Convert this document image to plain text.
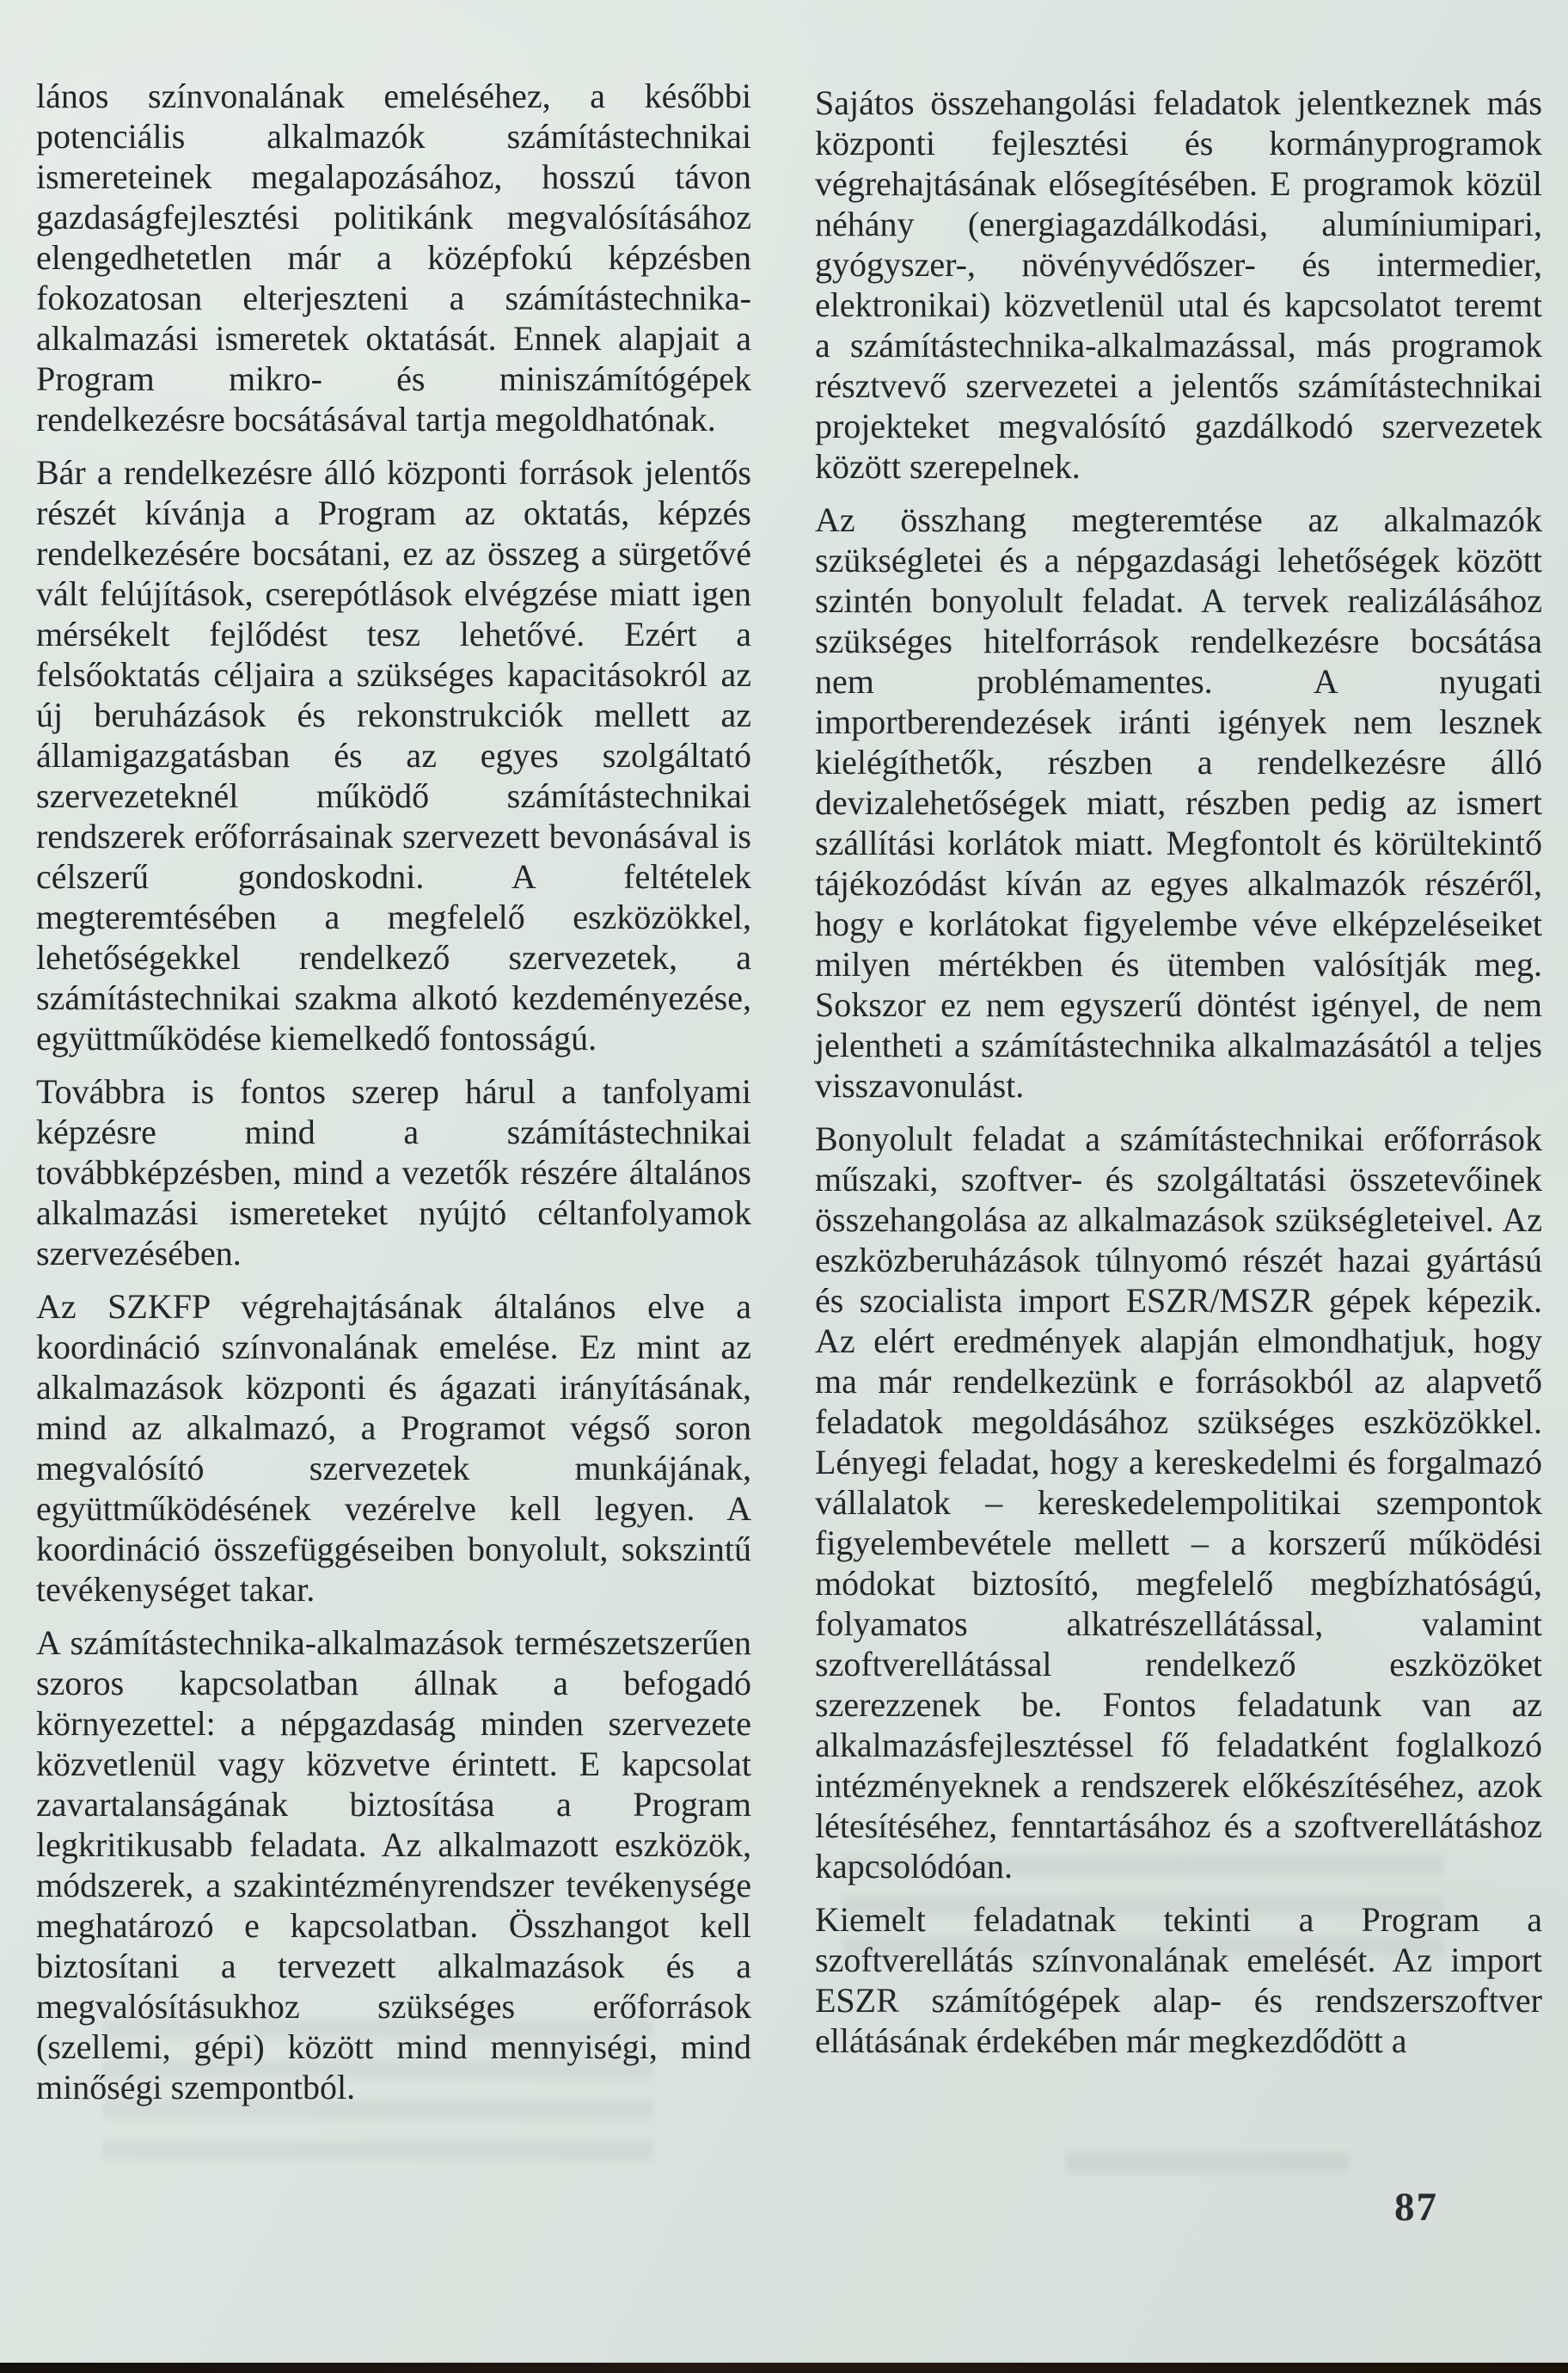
lános színvonalának emeléséhez, a későbbi potenciális alkalmazók számítástechnikai ismereteinek megalapozásához, hosszú távon gazdaságfejlesztési politikánk megvalósításához elengedhetetlen már a középfokú képzésben fokozatosan elterjeszteni a számítástechnika-alkalmazási ismeretek oktatását. Ennek alapjait a Program mikro- és miniszámítógépek rendelkezésre bocsátásával tartja megoldhatónak.

Bár a rendelkezésre álló központi források jelentős részét kívánja a Program az oktatás, képzés rendelkezésére bocsátani, ez az összeg a sürgetővé vált felújítások, cserepótlások elvégzése miatt igen mérsékelt fejlődést tesz lehetővé. Ezért a felsőoktatás céljaira a szükséges kapacitásokról az új beruházások és rekonstrukciók mellett az államigazgatásban és az egyes szolgáltató szervezeteknél működő számítástechnikai rendszerek erőforrásainak szervezett bevonásával is célszerű gondoskodni. A feltételek megteremtésében a megfelelő eszközökkel, lehetőségekkel rendelkező szervezetek, a számítástechnikai szakma alkotó kezdeményezése, együttműködése kiemelkedő fontosságú.

Továbbra is fontos szerep hárul a tanfolyami képzésre mind a számítástechnikai továbbképzésben, mind a vezetők részére általános alkalmazási ismereteket nyújtó céltanfolyamok szervezésében.

Az SZKFP végrehajtásának általános elve a koordináció színvonalának emelése. Ez mint az alkalmazások központi és ágazati irányításának, mind az alkalmazó, a Programot végső soron megvalósító szervezetek munkájának, együttműködésének vezérelve kell legyen. A koordináció összefüggéseiben bonyolult, sokszintű tevékenységet takar.

A számítástechnika-alkalmazások természetszerűen szoros kapcsolatban állnak a befogadó környezettel: a népgazdaság minden szervezete közvetlenül vagy közvetve érintett. E kapcsolat zavartalanságának biztosítása a Program legkritikusabb feladata. Az alkalmazott eszközök, módszerek, a szakintézményrendszer tevékenysége meghatározó e kapcsolatban. Összhangot kell biztosítani a tervezett alkalmazások és a megvalósításukhoz szükséges erőforrások (szellemi, gépi) között mind mennyiségi, mind minőségi szempontból.

Sajátos összehangolási feladatok jelentkeznek más központi fejlesztési és kormányprogramok végrehajtásának elősegítésében. E programok közül néhány (energiagazdálkodási, alumíniumipari, gyógyszer-, növényvédőszer- és intermedier, elektronikai) közvetlenül utal és kapcsolatot teremt a számítástechnika-alkalmazással, más programok résztvevő szervezetei a jelentős számítástechnikai projekteket megvalósító gazdálkodó szervezetek között szerepelnek.

Az összhang megteremtése az alkalmazók szükségletei és a népgazdasági lehetőségek között szintén bonyolult feladat. A tervek realizálásához szükséges hitelforrások rendelkezésre bocsátása nem problémamentes. A nyugati importberendezések iránti igények nem lesznek kielégíthetők, részben a rendelkezésre álló devizalehetőségek miatt, részben pedig az ismert szállítási korlátok miatt. Megfontolt és körültekintő tájékozódást kíván az egyes alkalmazók részéről, hogy e korlátokat figyelembe véve elképzeléseiket milyen mértékben és ütemben valósítják meg. Sokszor ez nem egyszerű döntést igényel, de nem jelentheti a számítástechnika alkalmazásától a teljes visszavonulást.

Bonyolult feladat a számítástechnikai erőforrások műszaki, szoftver- és szolgáltatási összetevőinek összehangolása az alkalmazások szükségleteivel. Az eszközberuházások túlnyomó részét hazai gyártású és szocialista import ESZR/MSZR gépek képezik. Az elért eredmények alapján elmondhatjuk, hogy ma már rendelkezünk e forrásokból az alapvető feladatok megoldásához szükséges eszközökkel. Lényegi feladat, hogy a kereskedelmi és forgalmazó vállalatok – kereskedelempolitikai szempontok figyelembevétele mellett – a korszerű működési módokat biztosító, megfelelő megbízhatóságú, folyamatos alkatrészellátással, valamint szoftverellátással rendelkező eszközöket szerezzenek be. Fontos feladatunk van az alkalmazásfejlesztéssel fő feladatként foglalkozó intézményeknek a rendszerek előkészítéséhez, azok létesítéséhez, fenntartásához és a szoftverellátáshoz kapcsolódóan.

Kiemelt feladatnak tekinti a Program a szoftverellátás színvonalának emelését. Az import ESZR számítógépek alap- és rendszerszoftver ellátásának érdekében már megkezdődött a

87
